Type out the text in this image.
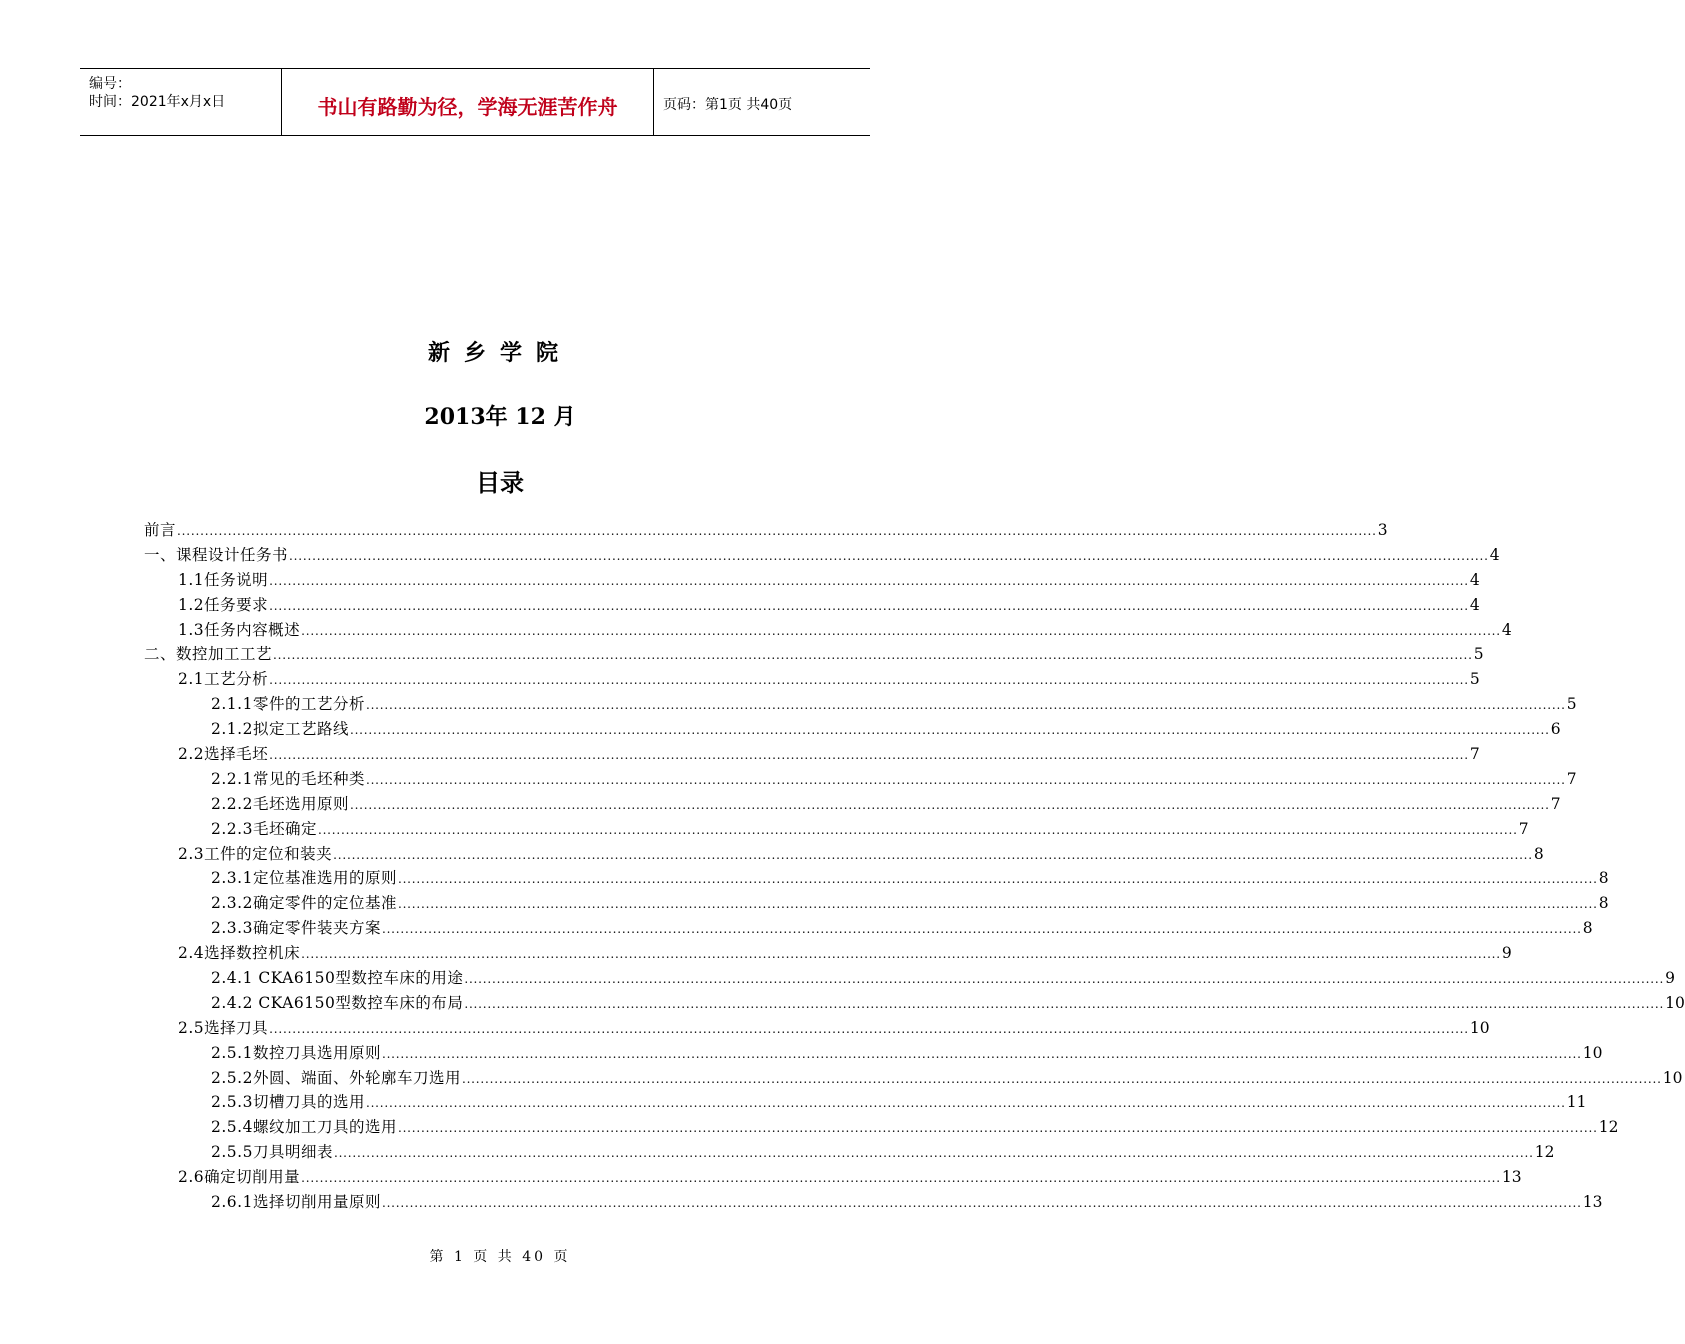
编号：
时间：2021年x月x日	书山有路勤为径，学海无涯苦作舟	页码：第1页 共40页
新乡学院
2013年 12 月
目录
前言 .................................................................................................................................................................................................................................................................... 3
一、课程设计任务书 .................................................................................................................................................................................................................................................................... 4
1.1任务说明 .................................................................................................................................................................................................................................................................... 4
1.2任务要求 .................................................................................................................................................................................................................................................................... 4
1.3任务内容概述 .................................................................................................................................................................................................................................................................... 4
二、数控加工工艺 .................................................................................................................................................................................................................................................................... 5
2.1工艺分析 .................................................................................................................................................................................................................................................................... 5
2.1.1零件的工艺分析 .................................................................................................................................................................................................................................................................... 5
2.1.2拟定工艺路线 .................................................................................................................................................................................................................................................................... 6
2.2选择毛坯 .................................................................................................................................................................................................................................................................... 7
2.2.1常见的毛坯种类 .................................................................................................................................................................................................................................................................... 7
2.2.2毛坯选用原则 .................................................................................................................................................................................................................................................................... 7
2.2.3毛坯确定 .................................................................................................................................................................................................................................................................... 7
2.3工件的定位和装夹 .................................................................................................................................................................................................................................................................... 8
2.3.1定位基准选用的原则 .................................................................................................................................................................................................................................................................... 8
2.3.2确定零件的定位基准 .................................................................................................................................................................................................................................................................... 8
2.3.3确定零件装夹方案 .................................................................................................................................................................................................................................................................... 8
2.4选择数控机床 .................................................................................................................................................................................................................................................................... 9
2.4.1 CKA6150型数控车床的用途 .................................................................................................................................................................................................................................................................... 9
2.4.2 CKA6150型数控车床的布局 .................................................................................................................................................................................................................................................................... 10
2.5选择刀具 .................................................................................................................................................................................................................................................................... 10
2.5.1数控刀具选用原则 .................................................................................................................................................................................................................................................................... 10
2.5.2外圆、端面、外轮廓车刀选用 .................................................................................................................................................................................................................................................................... 10
2.5.3切槽刀具的选用 .................................................................................................................................................................................................................................................................... 11
2.5.4螺纹加工刀具的选用 .................................................................................................................................................................................................................................................................... 12
2.5.5刀具明细表 .................................................................................................................................................................................................................................................................... 12
2.6确定切削用量 .................................................................................................................................................................................................................................................................... 13
2.6.1选择切削用量原则 .................................................................................................................................................................................................................................................................... 13
第 1 页 共 40 页
